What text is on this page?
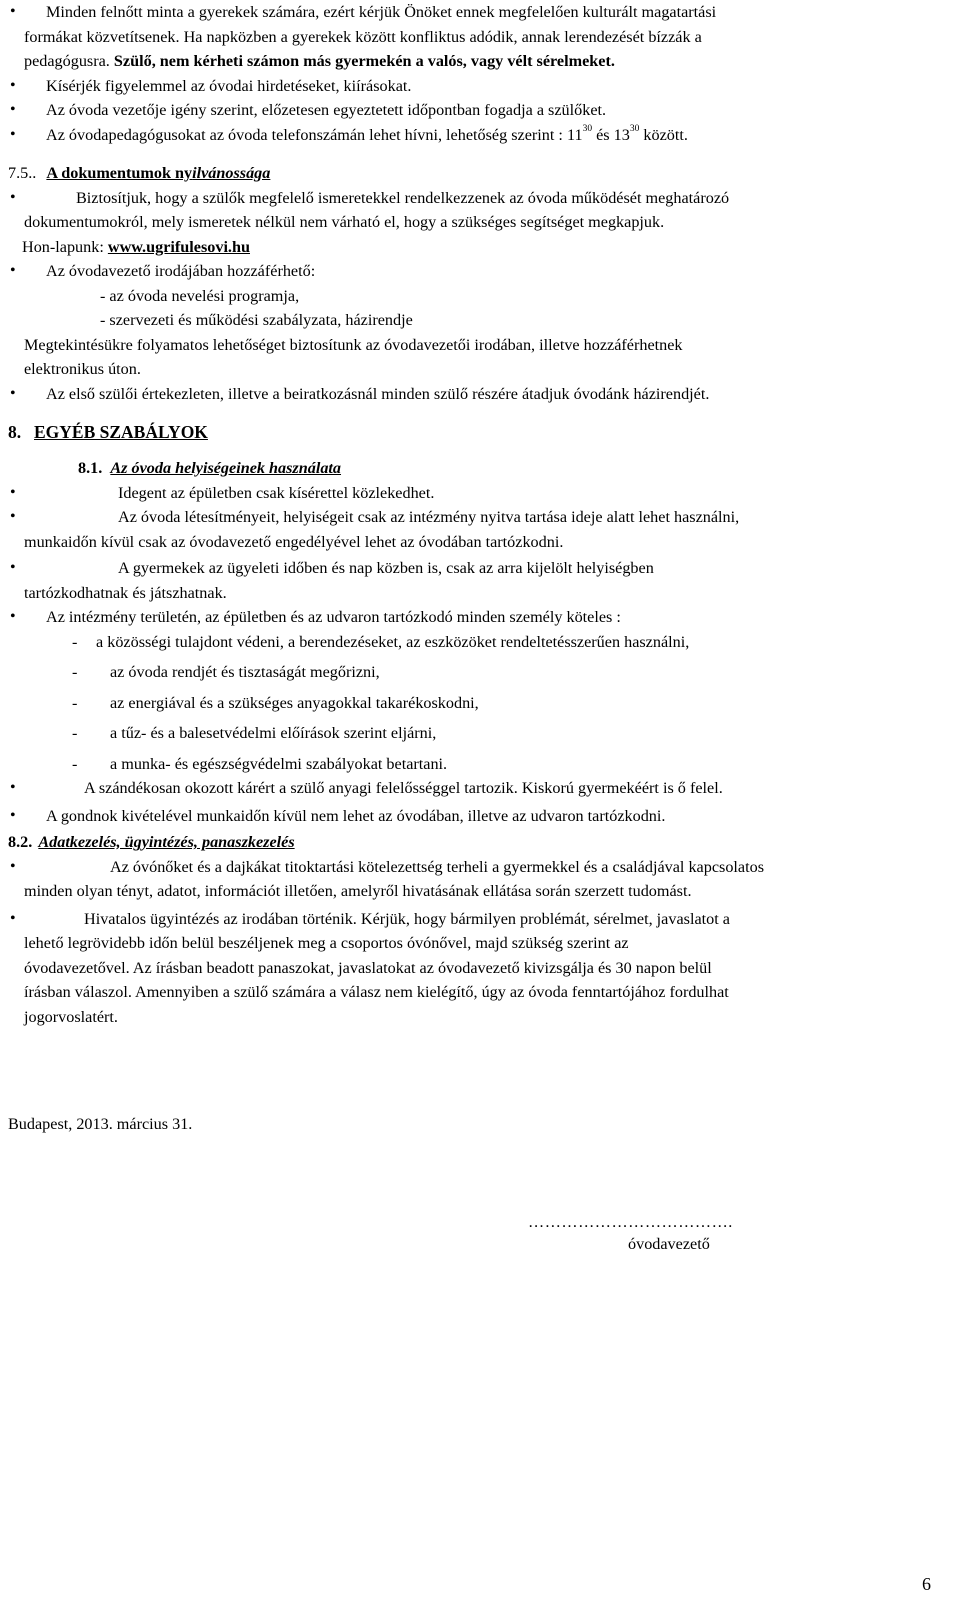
• Minden felnőtt minta a gyerekek számára, ezért kérjük Önöket ennek megfelelően kulturált magatartási
formákat közvetítsenek. Ha napközben a gyerekek között konfliktus adódik, annak lerendezését bízzák a
pedagógusra. Szülő, nem kérheti számon más gyermekén a valós, vagy vélt sérelmeket.
• Kísérjék figyelemmel az óvodai hirdetéseket, kiírásokat.
• Az óvoda vezetője igény szerint, előzetesen egyeztetett időpontban fogadja a szülőket.
• Az óvodapedagógusokat az óvoda telefonszámán lehet hívni, lehetőség szerint : $11^{30}$ és $13^{30}$ között.
7.5.. A dokumentumok nyilvánossága
• Biztosítjuk, hogy a szülők megfelelő ismeretekkel rendelkezzenek az óvoda működését meghatározó
dokumentumokról, mely ismeretek nélkül nem várható el, hogy a szükséges segítséget megkapjuk.
Hon-lapunk: www.ugrifulesovi.hu
• Az óvodavezető irodájában hozzáférhető:
- az óvoda nevelési programja,
- szervezeti és működési szabályzata, házirendje
Megtekintésükre folyamatos lehetőséget biztosítunk az óvodavezetői irodában, illetve hozzáférhetnek
elektronikus úton.
• Az első szülői értekezleten, illetve a beiratkozásnál minden szülő részére átadjuk óvodánk házirendjét.
8. EGYÉB SZABÁLYOK
8.1. Az óvoda helyiségeinek használata
• Idegent az épületben csak kísérettel közlekedhet.
• Az óvoda létesítményeit, helyiségeit csak az intézmény nyitva tartása ideje alatt lehet használni,
munkaidőn kívül csak az óvodavezető engedélyével lehet az óvodában tartózkodni.
• A gyermekek az ügyeleti időben és nap közben is, csak az arra kijelölt helyiségben
tartózkodhatnak és játszhatnak.
• Az intézmény területén, az épületben és az udvaron tartózkodó minden személy köteles :
- a közösségi tulajdont védeni, a berendezéseket, az eszközöket rendeltetésszerűen használni,
- az óvoda rendjét és tisztaságát megőrizni,
- az energiával és a szükséges anyagokkal takarékoskodni,
- a tűz- és a balesetvédelmi előírások szerint eljárni,
- a munka- és egészségvédelmi szabályokat betartani.
• A szándékosan okozott kárért a szülő anyagi felelősséggel tartozik. Kiskorú gyermekéért is ő felel.
• A gondnok kivételével munkaidőn kívül nem lehet az óvodában, illetve az udvaron tartózkodni.
8.2. Adatkezelés, ügyintézés, panaszkezelés
• Az óvónőket és a dajkákat titoktartási kötelezettség terheli a gyermekkel és a családjával kapcsolatos
minden olyan tényt, adatot, információt illetően, amelyről hivatásának ellátása során szerzett tudomást.
• Hivatalos ügyintézés az irodában történik. Kérjük, hogy bármilyen problémát, sérelmet, javaslatot a
lehető legrövidebb időn belül beszéljenek meg a csoportos óvónővel, majd szükség szerint az
óvodavezetővel. Az írásban beadott panaszokat, javaslatokat az óvodavezető kivizsgálja és 30 napon belül
írásban válaszol. Amennyiben a szülő számára a válasz nem kielégítő, úgy az óvoda fenntartójához fordulhat
jogorvoslatért.
Budapest, 2013. március 31.
……………………………….
óvodavezető
6
